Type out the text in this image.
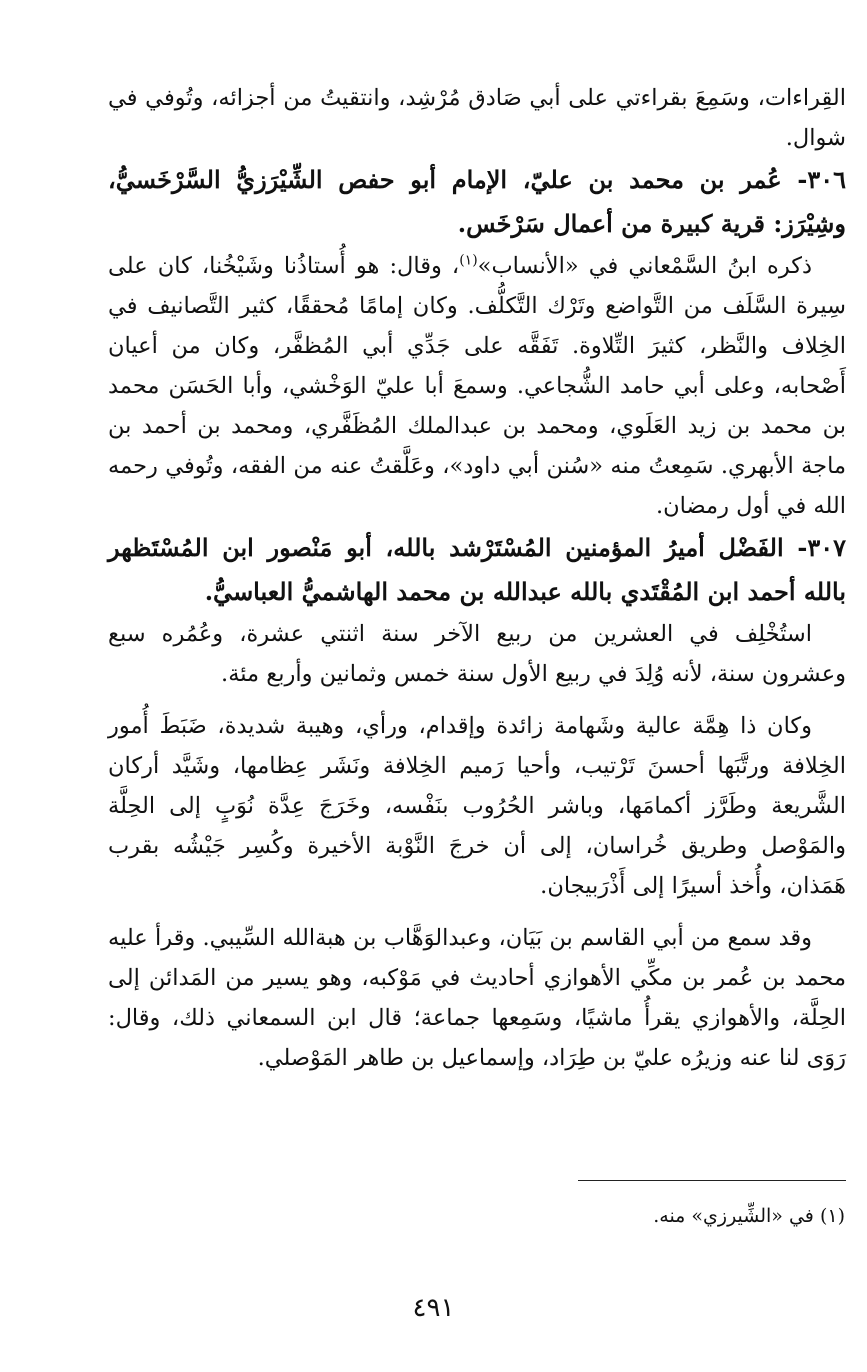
القِراءات، وسَمِعَ بقراءتي على أبي صَادق مُرْشِد، وانتقيتُ من أجزائه، وتُوفي في شوال.

٣٠٦- عُمر بن محمد بن عليّ، الإمام أبو حفص الشِّيْرَزيُّ السَّرْخَسيُّ، وشِيْرَز: قرية كبيرة من أعمال سَرْخَس.

ذكره ابنُ السَّمْعاني في «الأنساب»$^{(١)}$، وقال: هو أُستاذُنا وشَيْخُنا، كان على سِيرة السَّلَف من التَّواضع وتَرْك التَّكلُّف. وكان إمامًا مُحققًا، كثير التَّصانيف في الخِلاف والنَّظر، كثيرَ التِّلاوة. تَفَقَّه على جَدِّي أبي المُظفَّر، وكان من أعيان أَصْحابه، وعلى أبي حامد الشُّجاعي. وسمعَ أبا عليّ الوَخْشي، وأبا الحَسَن محمد بن محمد بن زيد العَلَوي، ومحمد بن عبدالملك المُظَفَّري، ومحمد بن أحمد بن ماجة الأبهري. سَمِعتُ منه «سُنن أبي داود»، وعَلَّقتُ عنه من الفقه، وتُوفي رحمه الله في أول رمضان.

٣٠٧- الفَضْل أميرُ المؤمنين المُسْتَرْشد بالله، أبو مَنْصور ابن المُسْتَظهر بالله أحمد ابن المُقْتَدي بالله عبدالله بن محمد الهاشميُّ العباسيُّ.

استُخْلِف في العشرين من ربيع الآخر سنة اثنتي عشرة، وعُمُره سبع وعشرون سنة، لأنه وُلِدَ في ربيع الأول سنة خمس وثمانين وأربع مئة.

وكان ذا هِمَّة عالية وشَهامة زائدة وإقدام، ورأي، وهيبة شديدة، ضَبَطَ أُمور الخِلافة ورتَّبَها أحسنَ تَرْتيب، وأحيا رَميم الخِلافة ونَشَر عِظامها، وشَيَّد أركان الشَّريعة وطَرَّز أكمامَها، وباشر الحُرُوب بنَفْسه، وخَرَجَ عِدَّة نُوَبٍ إلى الحِلَّة والمَوْصل وطريق خُراسان، إلى أن خرجَ النَّوْبة الأخيرة وكُسِر جَيْشُه بقرب هَمَذان، وأُخذ أسيرًا إلى أَذْرَبيجان.

وقد سمع من أبي القاسم بن بَيَان، وعبدالوَهَّاب بن هبةالله السِّيبي. وقرأ عليه محمد بن عُمر بن مكِّي الأهوازي أحاديث في مَوْكبه، وهو يسير من المَدائن إلى الحِلَّة، والأهوازي يقرأُ ماشيًا، وسَمِعها جماعة؛ قال ابن السمعاني ذلك، وقال: رَوَى لنا عنه وزيرُه عليّ بن طِرَاد، وإسماعيل بن طاهر المَوْصلي.

(١) في «الشِّيرزي» منه.
٤٩١
